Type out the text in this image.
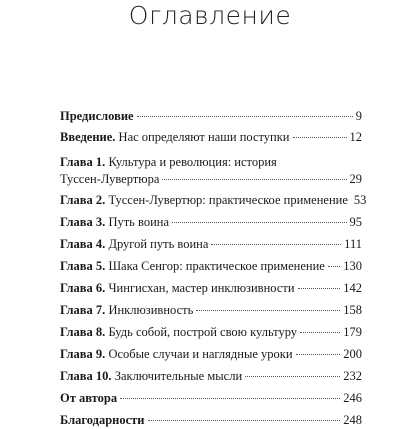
Оглавление
Предисловие	9
Введение. Нас определяют наши поступки	12
Глава 1. Культура и революция: история
Туссен-Лувертюра	29
Глава 2. Туссен-Лувертюр: практическое применение 53
Глава 3. Путь воина	95
Глава 4. Другой путь воина	111
Глава 5. Шака Сенгор: практическое применение 130
Глава 6. Чингисхан, мастер инклюзивности	142
Глава 7. Инклюзивность	158
Глава 8. Будь собой, построй свою культуру	179
Глава 9. Особые случаи и наглядные уроки	200
Глава 10. Заключительные мысли	232
От автора	246
Благодарности	248
